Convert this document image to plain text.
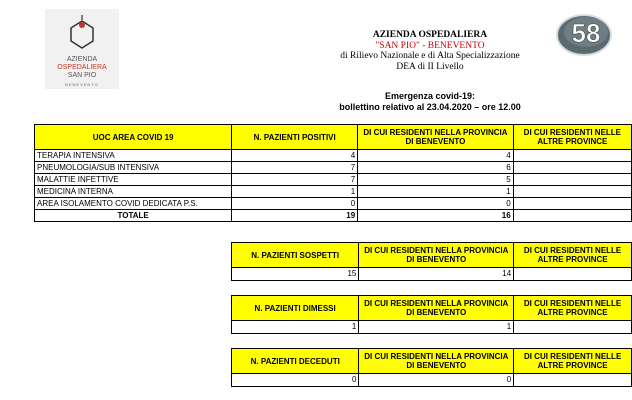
AZIENDA
OSPEDALIERA
SAN PIO
BENEVENTO
AZIENDA OSPEDALIERA
"SAN PIO" - BENEVENTO
di Rilievo Nazionale e di Alta Specializzazione
DEA di II Livello
Emergenza covid-19:
bollettino relativo al 23.04.2020 – ore 12.00
58
UOC AREA COVID 19	N. PAZIENTI POSITIVI	DI CUI RESIDENTI NELLA PROVINCIA DI BENEVENTO	DI CUI RESIDENTI NELLE ALTRE PROVINCE
TERAPIA INTENSIVA	4	4	
PNEUMOLOGIA/SUB INTENSIVA	7	6	
MALATTIE INFETTIVE	7	5	
MEDICINA INTERNA	1	1	
AREA ISOLAMENTO COVID DEDICATA P.S.	0	0	
TOTALE	19	16	
N. PAZIENTI SOSPETTI	DI CUI RESIDENTI NELLA PROVINCIA DI BENEVENTO	DI CUI RESIDENTI NELLE ALTRE PROVINCE
15	14	
N. PAZIENTI DIMESSI	DI CUI RESIDENTI NELLA PROVINCIA DI BENEVENTO	DI CUI RESIDENTI NELLE ALTRE PROVINCE
1	1	
N. PAZIENTI DECEDUTI	DI CUI RESIDENTI NELLA PROVINCIA DI BENEVENTO	DI CUI RESIDENTI NELLE ALTRE PROVINCE
0	0	
